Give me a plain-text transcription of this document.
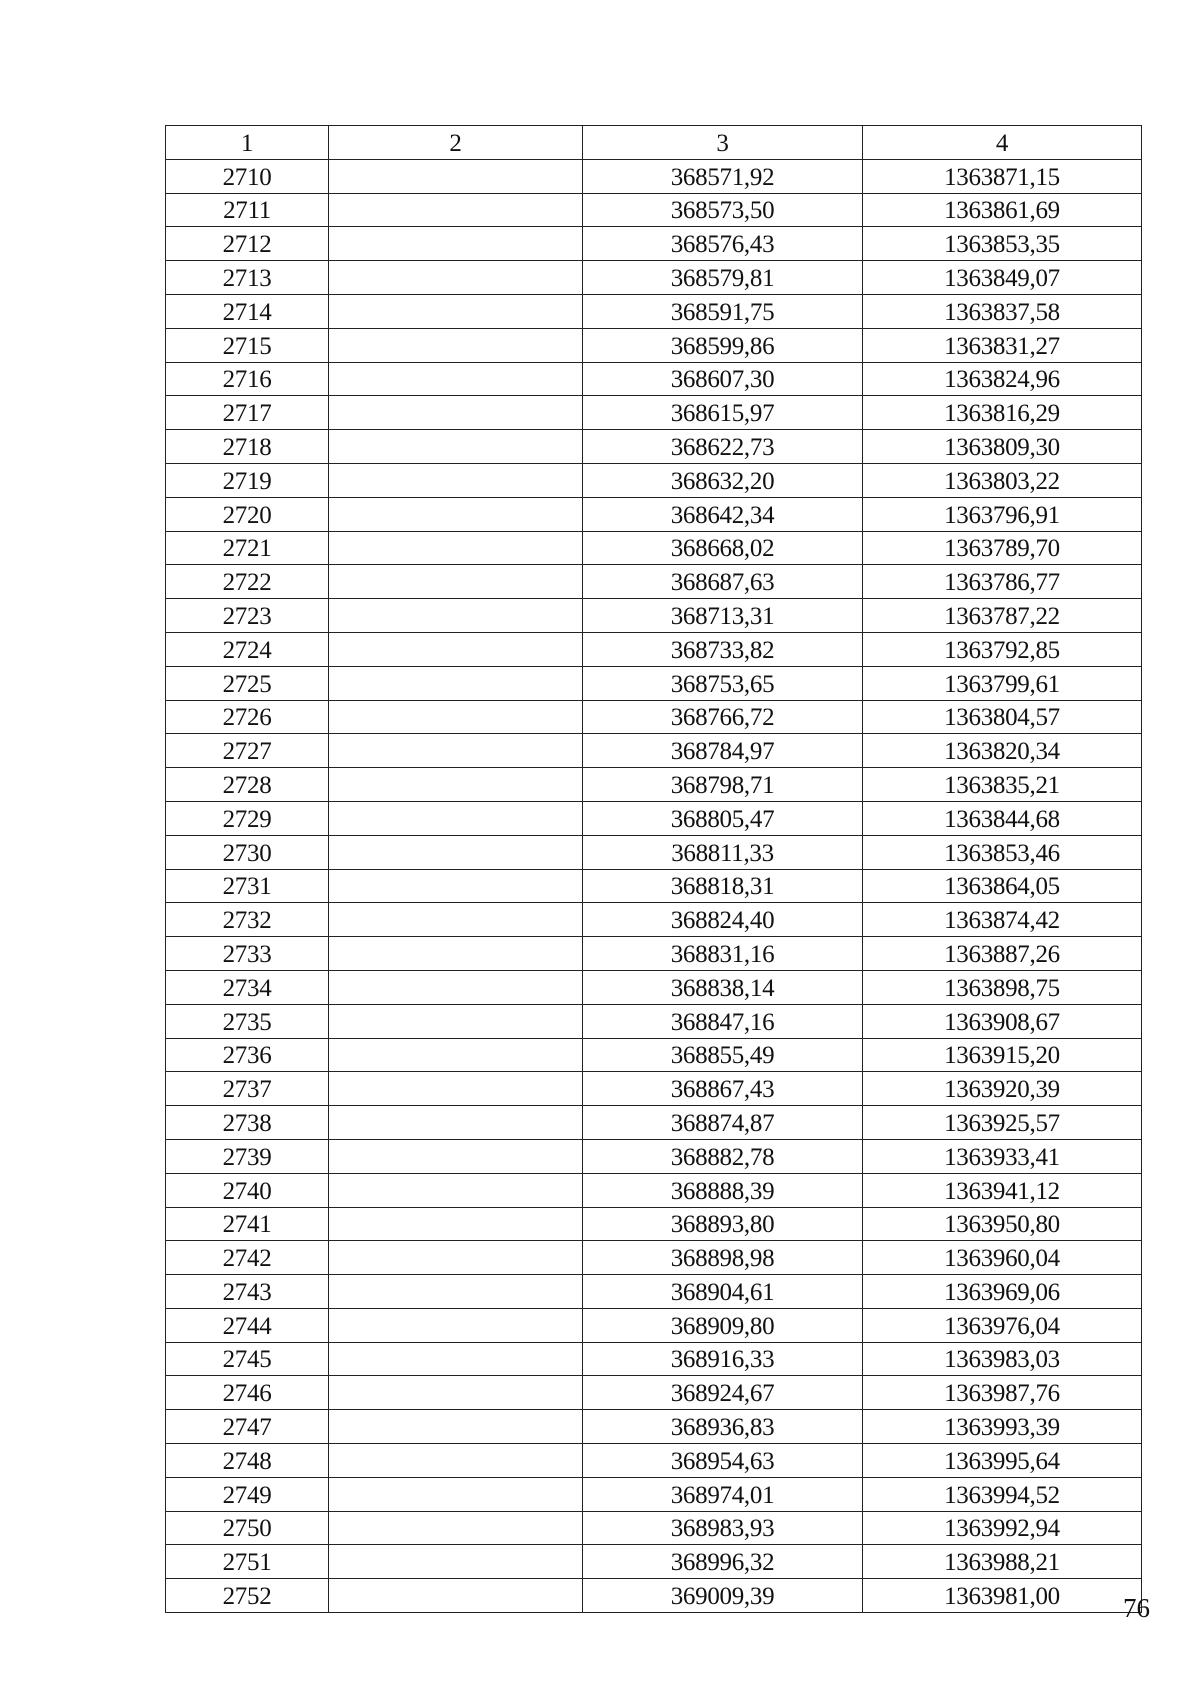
1	2	3	4
2710		368571,92	1363871,15
2711		368573,50	1363861,69
2712		368576,43	1363853,35
2713		368579,81	1363849,07
2714		368591,75	1363837,58
2715		368599,86	1363831,27
2716		368607,30	1363824,96
2717		368615,97	1363816,29
2718		368622,73	1363809,30
2719		368632,20	1363803,22
2720		368642,34	1363796,91
2721		368668,02	1363789,70
2722		368687,63	1363786,77
2723		368713,31	1363787,22
2724		368733,82	1363792,85
2725		368753,65	1363799,61
2726		368766,72	1363804,57
2727		368784,97	1363820,34
2728		368798,71	1363835,21
2729		368805,47	1363844,68
2730		368811,33	1363853,46
2731		368818,31	1363864,05
2732		368824,40	1363874,42
2733		368831,16	1363887,26
2734		368838,14	1363898,75
2735		368847,16	1363908,67
2736		368855,49	1363915,20
2737		368867,43	1363920,39
2738		368874,87	1363925,57
2739		368882,78	1363933,41
2740		368888,39	1363941,12
2741		368893,80	1363950,80
2742		368898,98	1363960,04
2743		368904,61	1363969,06
2744		368909,80	1363976,04
2745		368916,33	1363983,03
2746		368924,67	1363987,76
2747		368936,83	1363993,39
2748		368954,63	1363995,64
2749		368974,01	1363994,52
2750		368983,93	1363992,94
2751		368996,32	1363988,21
2752		369009,39	1363981,00 76
